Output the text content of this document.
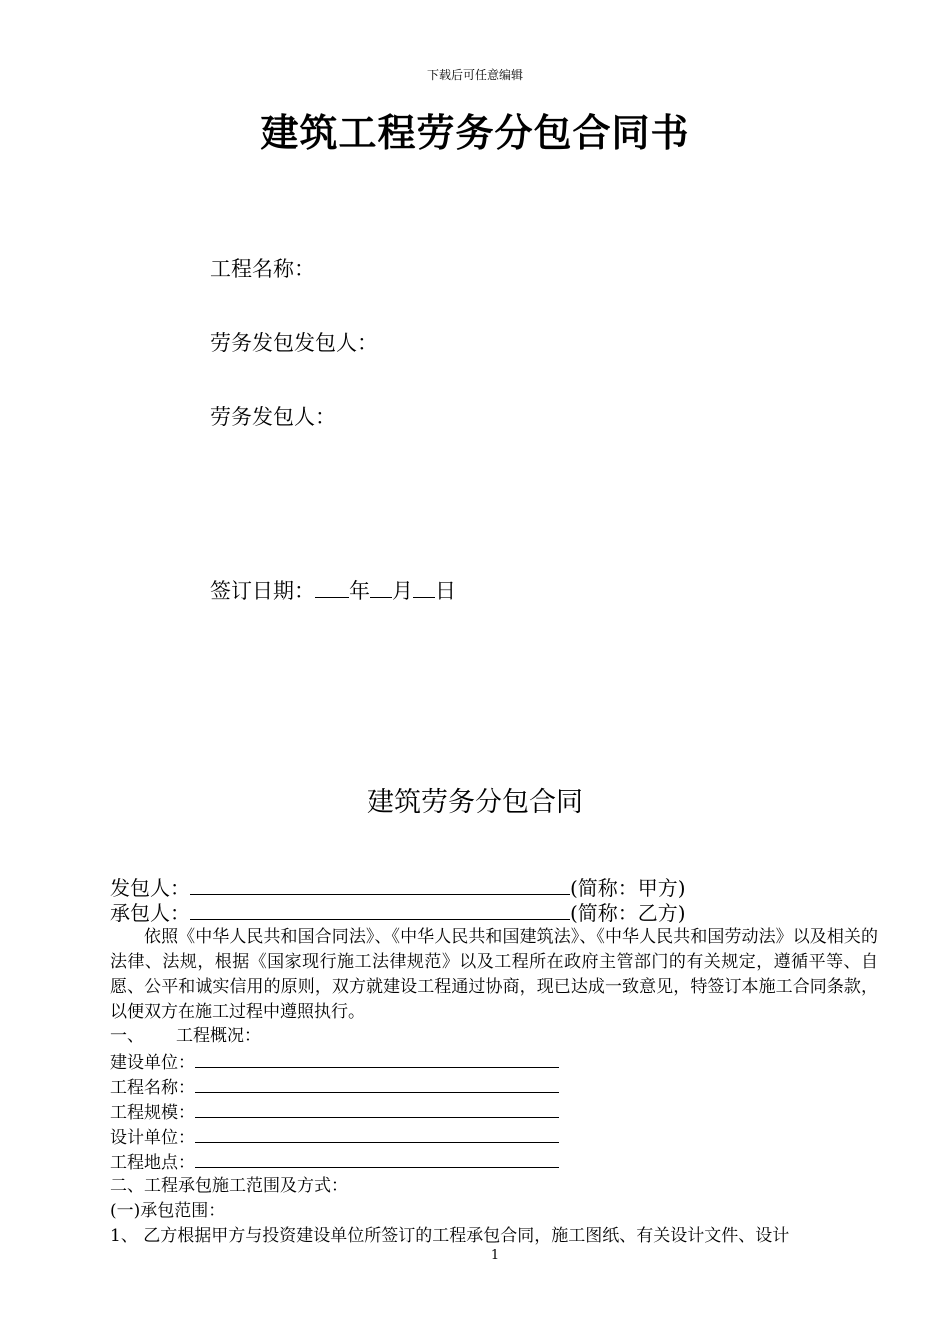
下载后可任意编辑
建筑工程劳务分包合同书
工程名称：
劳务发包发包人：
劳务发包人：
签订日期： 年 月 日
建筑劳务分包合同
发包人：	(简称：甲方)
承包人：	(简称：乙方)
依照《中华人民共和国合同法》、《中华人民共和国建筑法》、《中华人民共和国劳动法》以及相关的法律、法规，根据《国家现行施工法律规范》以及工程所在政府主管部门的有关规定，遵循平等、自愿、公平和诚实信用的原则，双方就建设工程通过协商，现已达成一致意见，特签订本施工合同条款，以便双方在施工过程中遵照执行。
一、 工程概况：
建设单位：
工程名称：
工程规模：
设计单位：
工程地点：
二、工程承包施工范围及方式：
(一)承包范围：
1、 乙方根据甲方与投资建设单位所签订的工程承包合同，施工图纸、有关设计文件、设计
1
